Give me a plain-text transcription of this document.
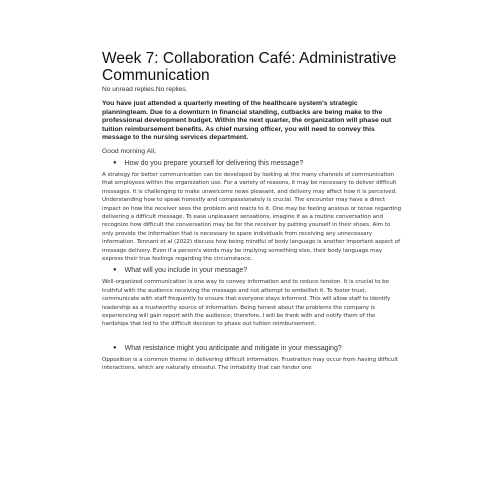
Week 7: Collaboration Café: Administrative Communication
No unread replies.No replies.
You have just attended a quarterly meeting of the healthcare system's strategic planningteam. Due to a downturn in financial standing, cutbacks are being make to the professional development budget. Within the next quarter, the organization will phase out tuition reimbursement benefits. As chief nursing officer, you will need to convey this message to the nursing services department.
Good morning All,
● How do you prepare yourself for delivering this message?
A strategy for better communication can be developed by looking at the many channels of communication that employees within the organization use. For a variety of reasons, it may be necessary to deliver difficult messages. It is challenging to make unwelcome news pleasant, and delivery may affect how it is perceived. Understanding how to speak honestly and compassionately is crucial. The encounter may have a direct impact on how the receiver sees the problem and reacts to it. One may be feeling anxious or tense regarding delivering a difficult message. To ease unpleasant sensations, imagine it as a routine conversation and recognize how difficult the conversation may be for the receiver by putting yourself in their shoes. Aim to only provide the information that is necessary to spare individuals from receiving any unnecessary information. Tennant et al (2022) discuss how being mindful of body language is another important aspect of message delivery. Even if a person's words may be implying something else, their body language may express their true feelings regarding the circumstance.
● What will you include in your message?
Well-organized communication is one way to convey information and to reduce tension. It is crucial to be truthful with the audience receiving the message and not attempt to embellish it. To foster trust, communicate with staff frequently to ensure that everyone stays informed. This will allow staff to identify leadership as a trustworthy source of information. Being honest about the problems the company is experiencing will gain report with the audience; therefore, I will be frank with and notify them of the hardships that led to the difficult decision to phase out tuition reimbursement.
● What resistance might you anticipate and mitigate in your messaging?
Opposition is a common theme in delivering difficult information. Frustration may occur from having difficult interactions, which are naturally stressful. The irritability that can hinder one
